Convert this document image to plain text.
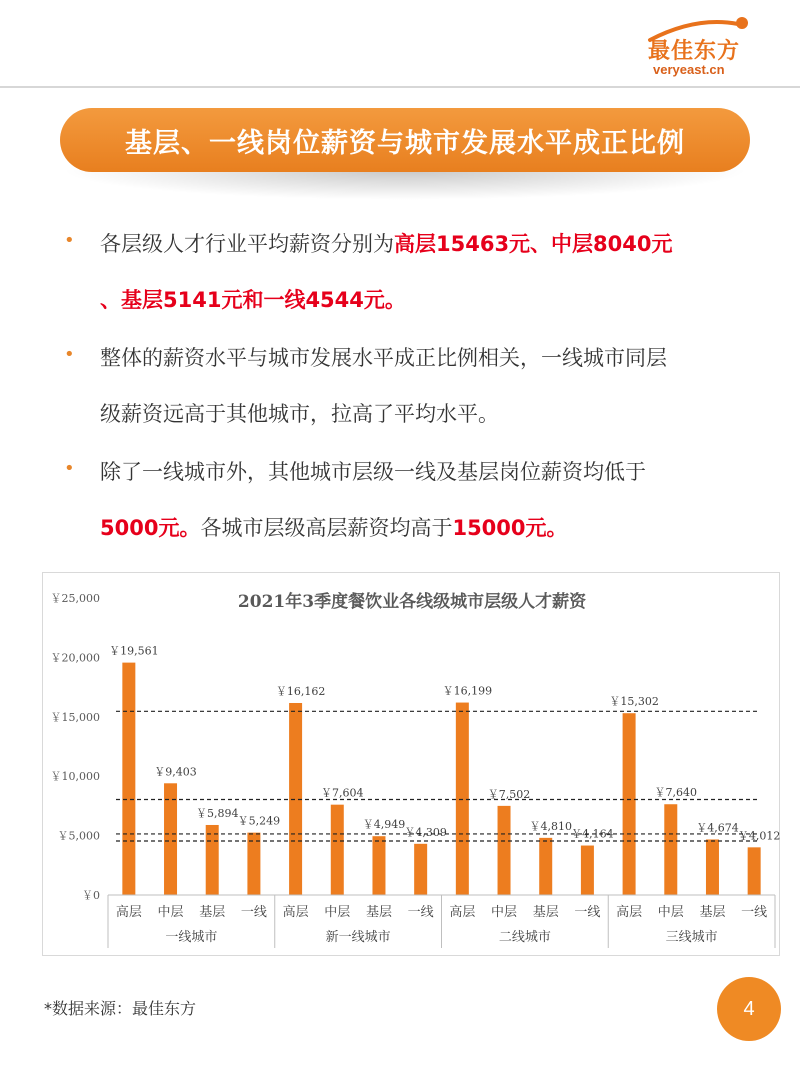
最佳东方
veryeast.cn
基层、一线岗位薪资与城市发展水平成正比例
• 各层级人才行业平均薪资分别为高层15463元、中层8040元
、基层5141元和一线4544元。
• 整体的薪资水平与城市发展水平成正比例相关，一线城市同层
级薪资远高于其他城市，拉高了平均水平。
• 除了一线城市外，其他城市层级一线及基层岗位薪资均低于
5000元。各城市层级高层薪资均高于15000元。
2021年3季度餐饮业各线级城市层级人才薪资
￥0
￥5,000
￥10,000
￥15,000
￥20,000
￥25,000
￥19,561
高层
￥9,403
中层
￥5,894
基层
￥5,249
一线
一线城市
￥16,162
高层
￥7,604
中层
￥4,949
基层
￥4,309
一线
新一线城市
￥16,199
高层
￥7,502
中层
￥4,810
基层
￥4,164
一线
二线城市
￥15,302
高层
￥7,640
中层
￥4,674
基层
￥4,012
一线
三线城市
*数据来源：最佳东方	4
